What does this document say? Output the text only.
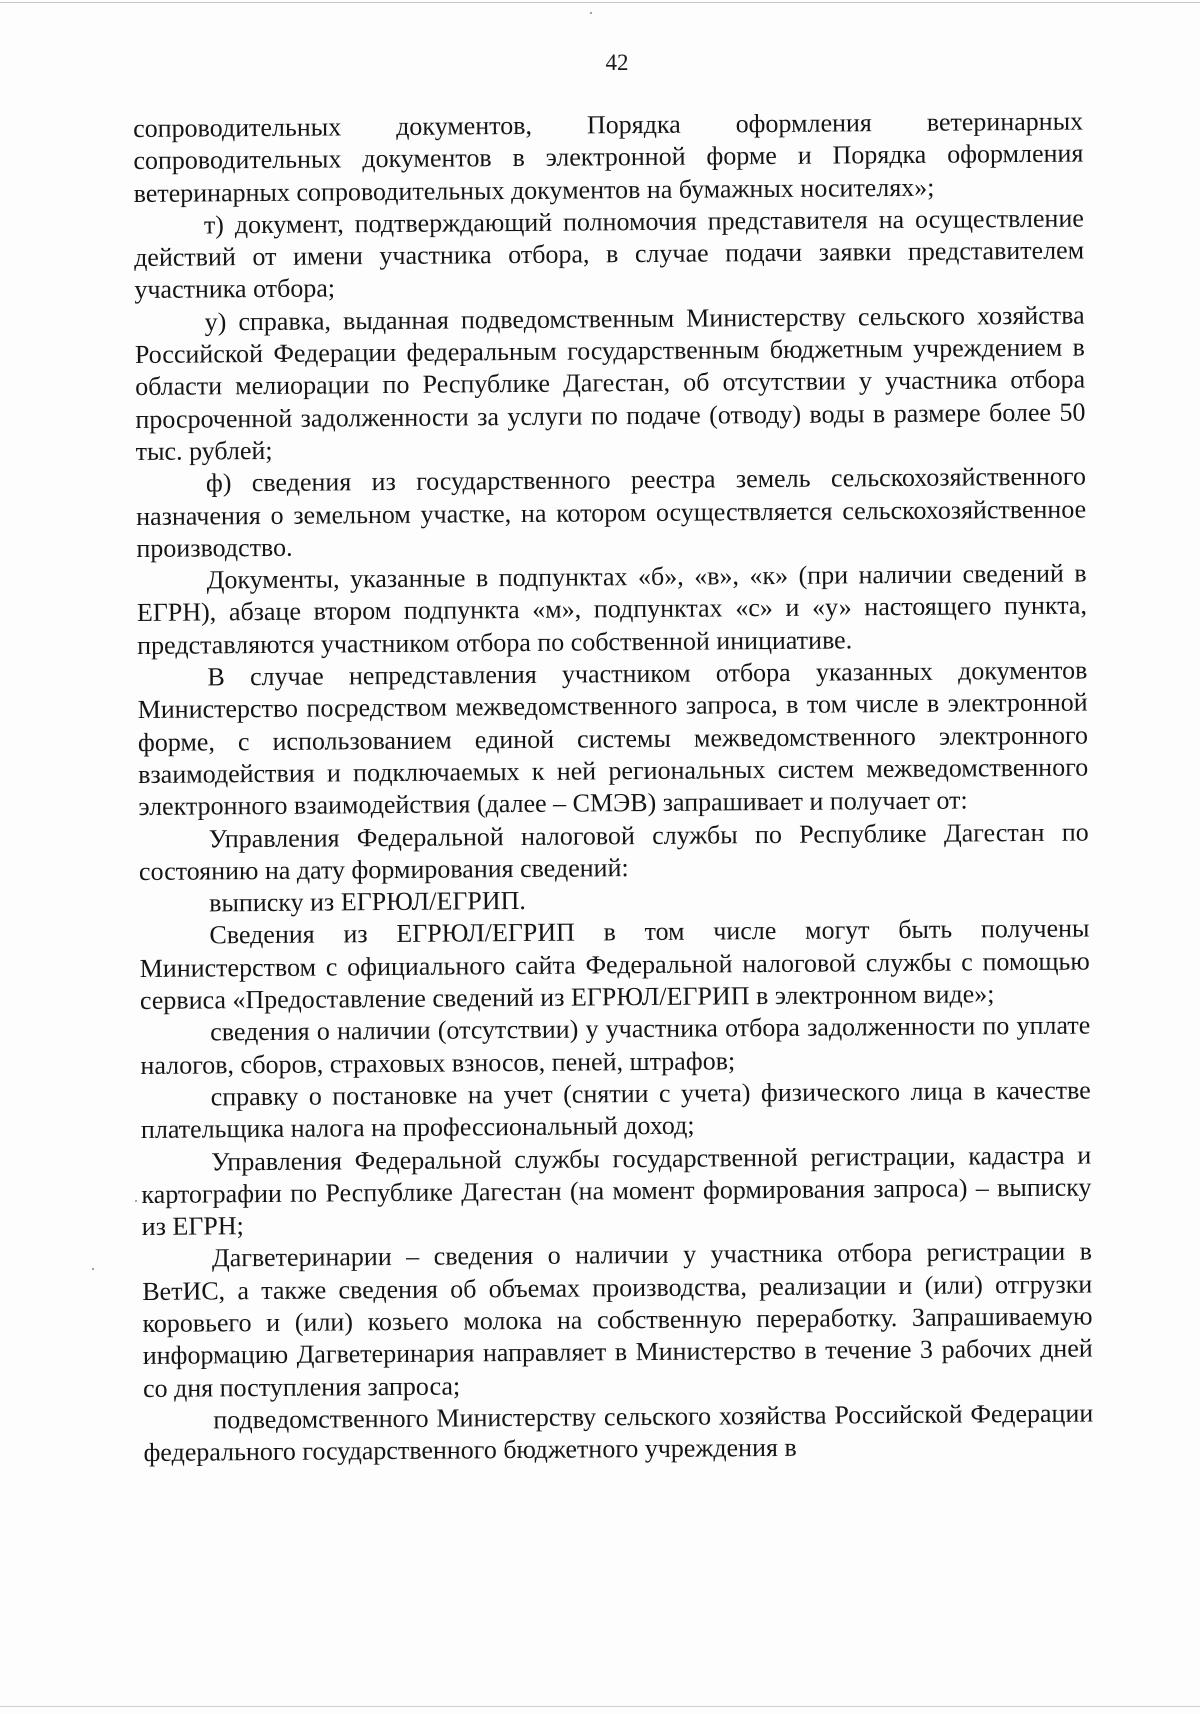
42

сопроводительных документов, Порядка оформления ветеринарных сопроводительных документов в электронной форме и Порядка оформления ветеринарных сопроводительных документов на бумажных носителях»;

т) документ, подтверждающий полномочия представителя на осуществление действий от имени участника отбора, в случае подачи заявки представителем участника отбора;

у) справка, выданная подведомственным Министерству сельского хозяйства Российской Федерации федеральным государственным бюджетным учреждением в области мелиорации по Республике Дагестан, об отсутствии у участника отбора просроченной задолженности за услуги по подаче (отводу) воды в размере более 50 тыс. рублей;

ф) сведения из государственного реестра земель сельскохозяйственного назначения о земельном участке, на котором осуществляется сельскохозяйственное производство.

Документы, указанные в подпунктах «б», «в», «к» (при наличии сведений в ЕГРН), абзаце втором подпункта «м», подпунктах «с» и «у» настоящего пункта, представляются участником отбора по собственной инициативе.

В случае непредставления участником отбора указанных документов Министерство посредством межведомственного запроса, в том числе в электронной форме, с использованием единой системы межведомственного электронного взаимодействия и подключаемых к ней региональных систем межведомственного электронного взаимодействия (далее – СМЭВ) запрашивает и получает от:

Управления Федеральной налоговой службы по Республике Дагестан по состоянию на дату формирования сведений:

выписку из ЕГРЮЛ/ЕГРИП.

Сведения из ЕГРЮЛ/ЕГРИП в том числе могут быть получены Министерством с официального сайта Федеральной налоговой службы с помощью сервиса «Предоставление сведений из ЕГРЮЛ/ЕГРИП в электронном виде»;

сведения о наличии (отсутствии) у участника отбора задолженности по уплате налогов, сборов, страховых взносов, пеней, штрафов;

справку о постановке на учет (снятии с учета) физического лица в качестве плательщика налога на профессиональный доход;

Управления Федеральной службы государственной регистрации, кадастра и картографии по Республике Дагестан (на момент формирования запроса) – выписку из ЕГРН;

Дагветеринарии – сведения о наличии у участника отбора регистрации в ВетИС, а также сведения об объемах производства, реализации и (или) отгрузки коровьего и (или) козьего молока на собственную переработку. Запрашиваемую информацию Дагветеринария направляет в Министерство в течение 3 рабочих дней со дня поступления запроса;

подведомственного Министерству сельского хозяйства Российской Федерации федерального государственного бюджетного учреждения в
